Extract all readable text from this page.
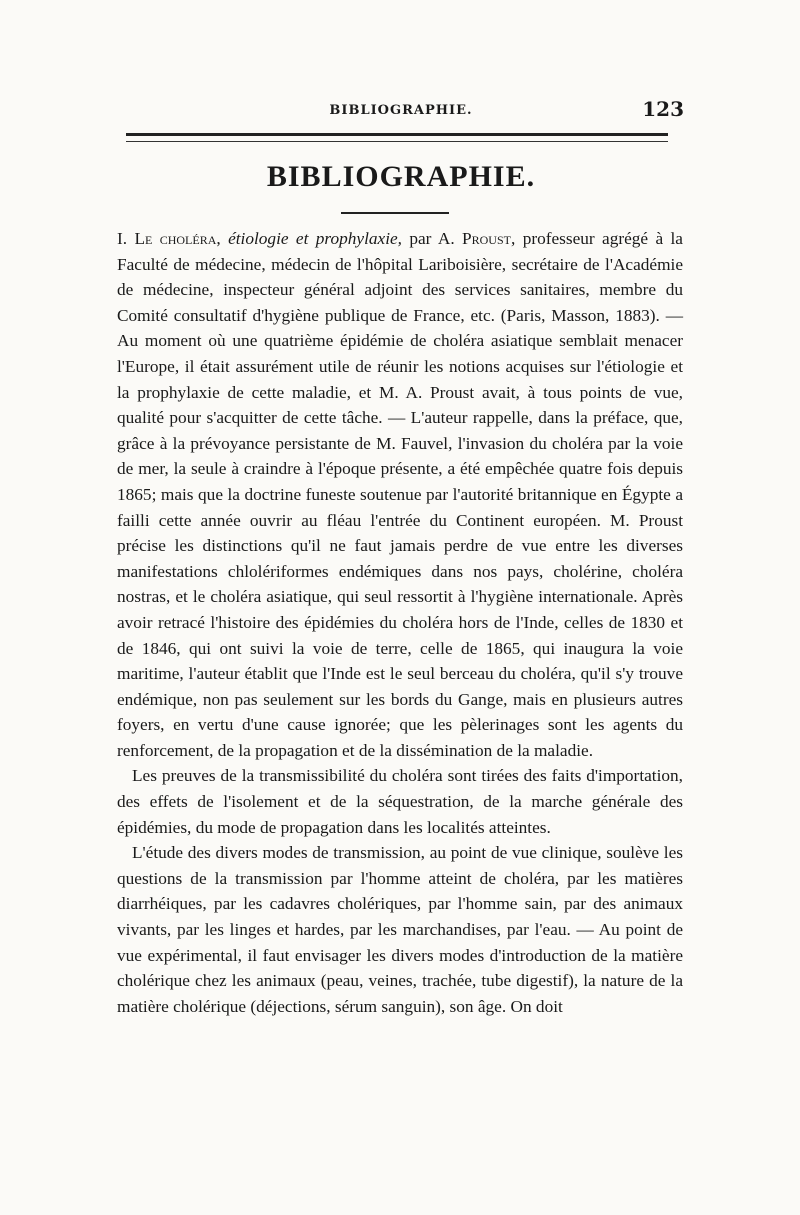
BIBLIOGRAPHIE.	123
BIBLIOGRAPHIE.

I. Le choléra, étiologie et prophylaxie, par A. Proust, professeur agrégé à la Faculté de médecine, médecin de l'hôpital Lariboisière, secrétaire de l'Académie de médecine, inspecteur général adjoint des services sanitaires, membre du Comité consultatif d'hygiène publique de France, etc. (Paris, Masson, 1883). — Au moment où une quatrième épidémie de choléra asiatique semblait menacer l'Europe, il était assurément utile de réunir les notions acquises sur l'étiologie et la prophylaxie de cette maladie, et M. A. Proust avait, à tous points de vue, qualité pour s'acquitter de cette tâche. — L'auteur rappelle, dans la préface, que, grâce à la prévoyance persistante de M. Fauvel, l'invasion du choléra par la voie de mer, la seule à craindre à l'époque présente, a été empêchée quatre fois depuis 1865; mais que la doctrine funeste soutenue par l'autorité britannique en Égypte a failli cette année ouvrir au fléau l'entrée du Continent européen. M. Proust précise les distinctions qu'il ne faut jamais perdre de vue entre les diverses manifestations chlolériformes endémiques dans nos pays, cholérine, choléra nostras, et le choléra asiatique, qui seul ressortit à l'hygiène internationale. Après avoir retracé l'histoire des épidémies du choléra hors de l'Inde, celles de 1830 et de 1846, qui ont suivi la voie de terre, celle de 1865, qui inaugura la voie maritime, l'auteur établit que l'Inde est le seul berceau du choléra, qu'il s'y trouve endémique, non pas seulement sur les bords du Gange, mais en plusieurs autres foyers, en vertu d'une cause ignorée; que les pèlerinages sont les agents du renforcement, de la propagation et de la dissémination de la maladie.

Les preuves de la transmissibilité du choléra sont tirées des faits d'importation, des effets de l'isolement et de la séquestration, de la marche générale des épidémies, du mode de propagation dans les localités atteintes.

L'étude des divers modes de transmission, au point de vue clinique, soulève les questions de la transmission par l'homme atteint de choléra, par les matières diarrhéiques, par les cadavres cholériques, par l'homme sain, par des animaux vivants, par les linges et hardes, par les marchandises, par l'eau. — Au point de vue expérimental, il faut envisager les divers modes d'introduction de la matière cholérique chez les animaux (peau, veines, trachée, tube digestif), la nature de la matière cholérique (déjections, sérum sanguin), son âge. On doit
